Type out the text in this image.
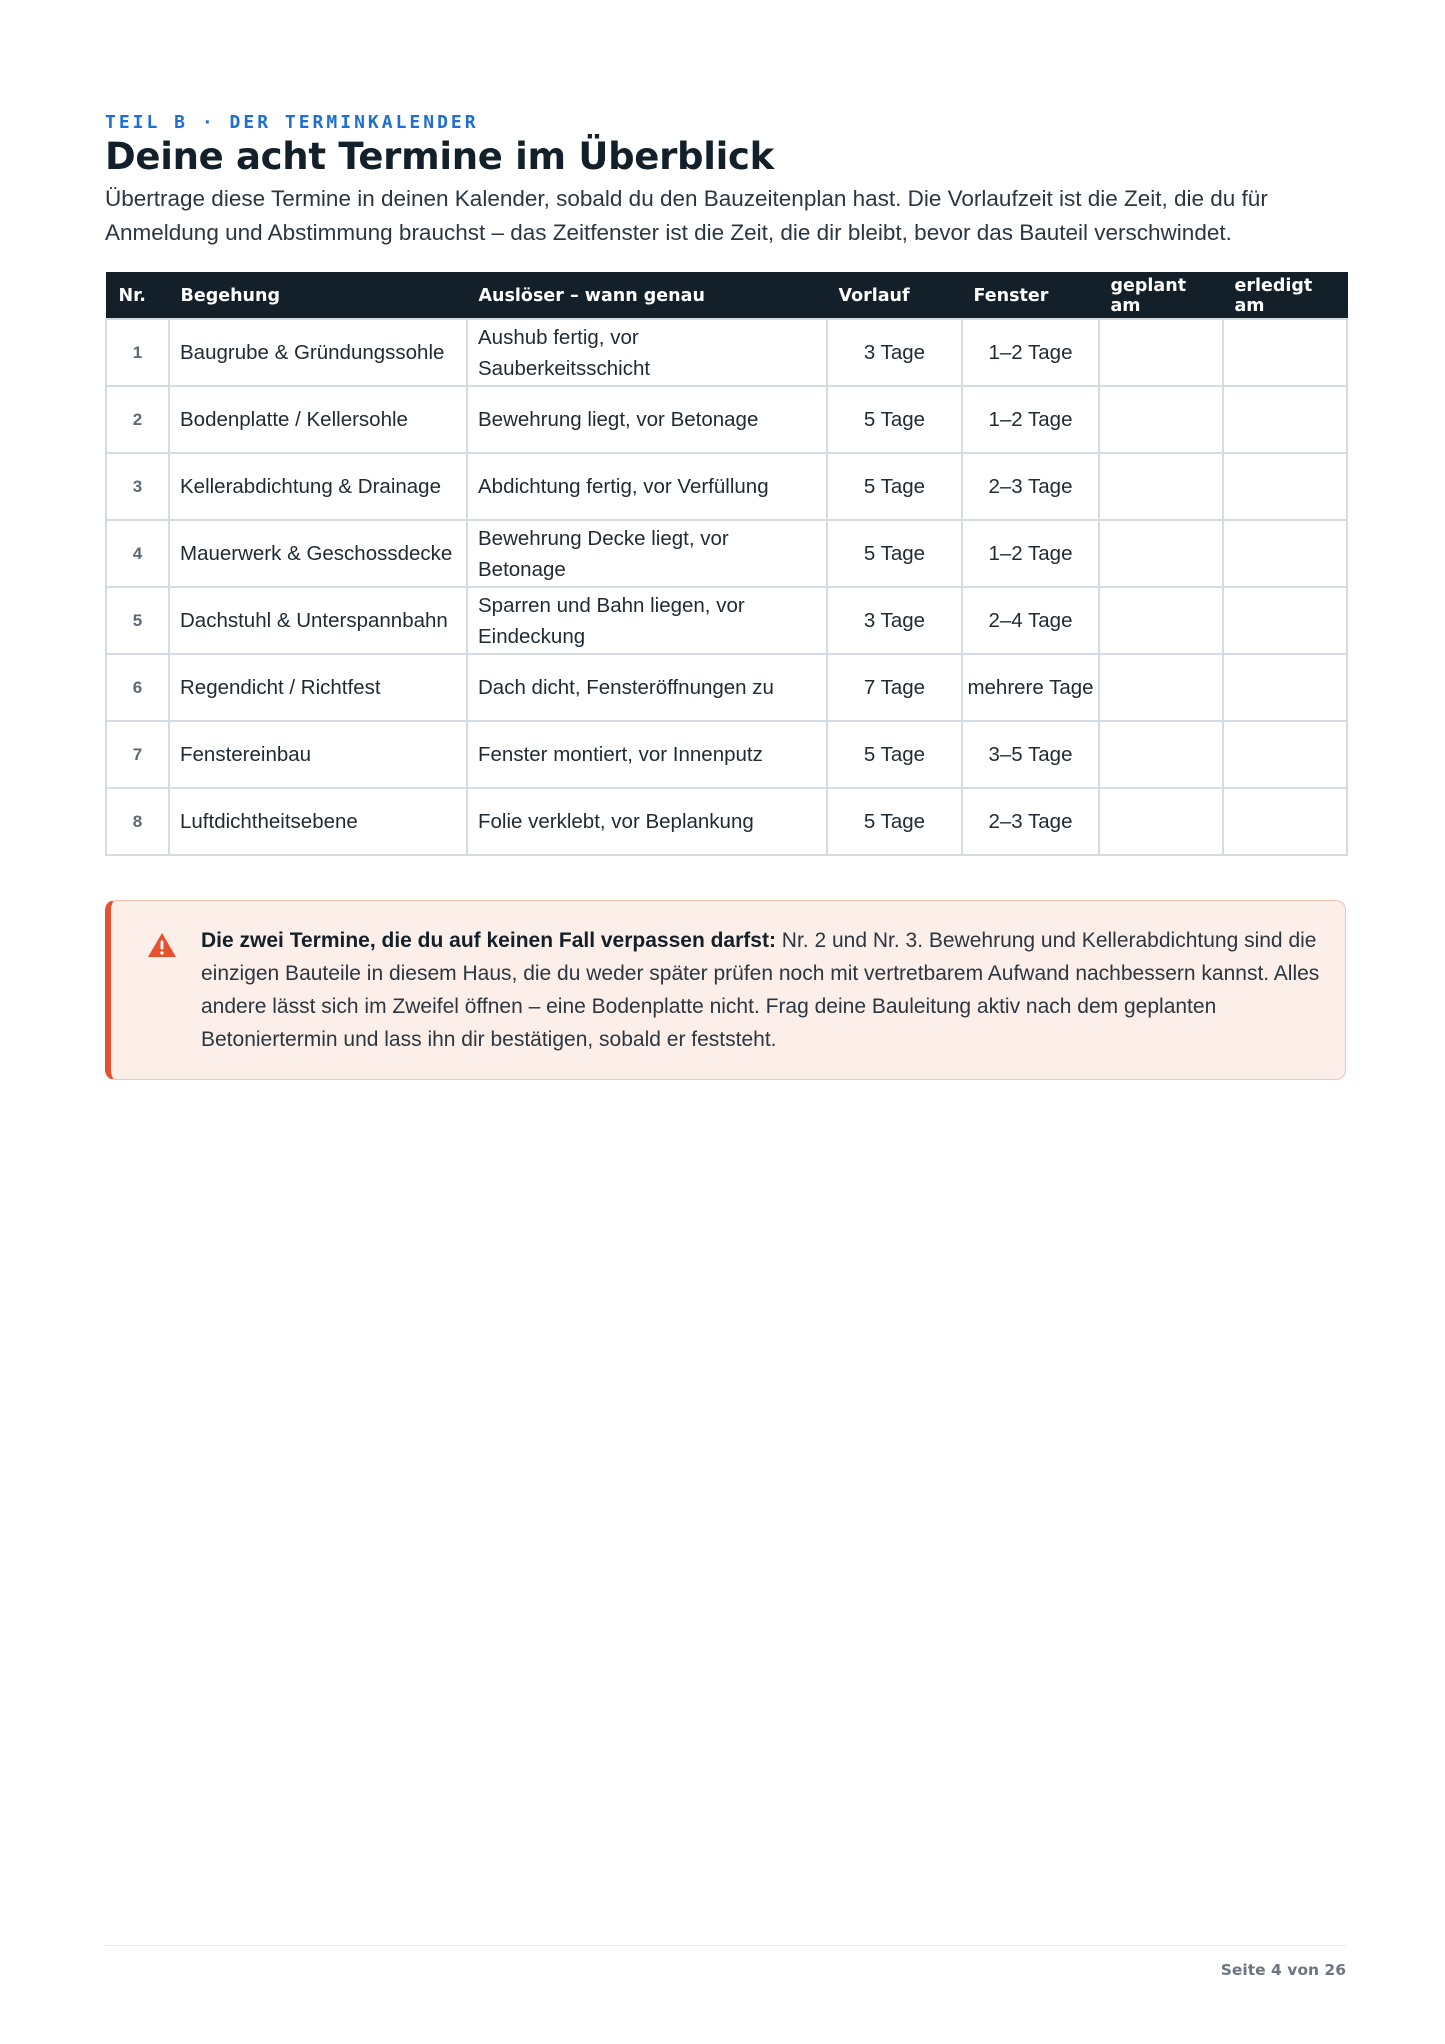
TEIL B · DER TERMINKALENDER
Deine acht Termine im Überblick
Übertrage diese Termine in deinen Kalender, sobald du den Bauzeitenplan hast. Die Vorlaufzeit ist die Zeit, die du für Anmeldung und Abstimmung brauchst – das Zeitfenster ist die Zeit, die dir bleibt, bevor das Bauteil verschwindet.
Nr.	Begehung	Auslöser – wann genau	Vorlauf	Fenster	geplant am	erledigt am
1	Baugrube & Gründungssohle	Aushub fertig, vor Sauberkeitsschicht	3 Tage	1–2 Tage		
2	Bodenplatte / Kellersohle	Bewehrung liegt, vor Betonage	5 Tage	1–2 Tage		
3	Kellerabdichtung & Drainage	Abdichtung fertig, vor Verfüllung	5 Tage	2–3 Tage		
4	Mauerwerk & Geschossdecke	Bewehrung Decke liegt, vor Betonage	5 Tage	1–2 Tage		
5	Dachstuhl & Unterspannbahn	Sparren und Bahn liegen, vor Eindeckung	3 Tage	2–4 Tage		
6	Regendicht / Richtfest	Dach dicht, Fensteröffnungen zu	7 Tage	mehrere Tage		
7	Fenstereinbau	Fenster montiert, vor Innenputz	5 Tage	3–5 Tage		
8	Luftdichtheitsebene	Folie verklebt, vor Beplankung	5 Tage	2–3 Tage		
Die zwei Termine, die du auf keinen Fall verpassen darfst: Nr. 2 und Nr. 3. Bewehrung und Kellerabdichtung sind die einzigen Bauteile in diesem Haus, die du weder später prüfen noch mit vertretbarem Aufwand nachbessern kannst. Alles andere lässt sich im Zweifel öffnen – eine Bodenplatte nicht. Frag deine Bauleitung aktiv nach dem geplanten Betoniertermin und lass ihn dir bestätigen, sobald er feststeht.
Seite 4 von 26
